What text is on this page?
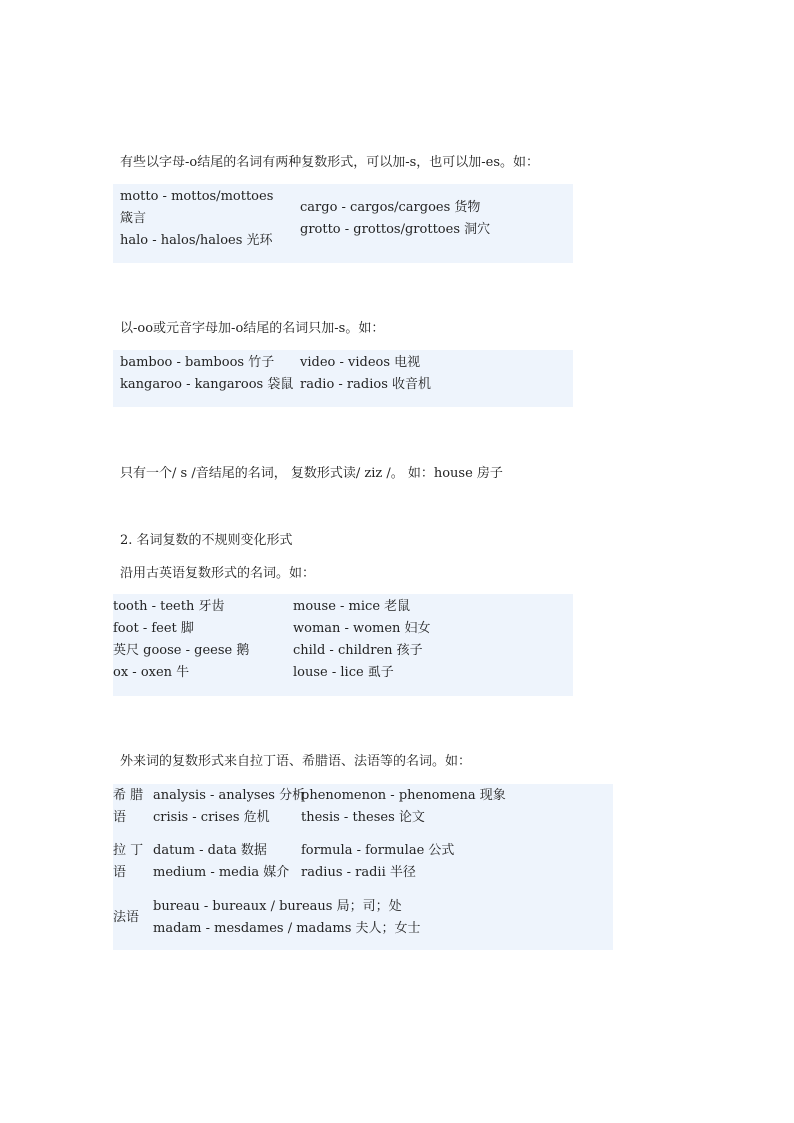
有些以字母-o结尾的名词有两种复数形式，可以加-s，也可以加-es。如：
motto - mottos/mottoes 箴言
halo - halos/haloes 光环
cargo - cargos/cargoes 货物
grotto - grottos/grottoes 洞穴
以-oo或元音字母加-o结尾的名词只加-s。如：
bamboo - bamboos 竹子
kangaroo - kangaroos 袋鼠
video - videos 电视
radio - radios 收音机
只有一个/ s /音结尾的名词， 复数形式读/ ziz /。 如：house 房子
2. 名词复数的不规则变化形式
沿用古英语复数形式的名词。如：
tooth - teeth 牙齿
foot - feet 脚
英尺 goose - geese 鹅
ox - oxen 牛
mouse - mice 老鼠
woman - women 妇女
child - children 孩子
louse - lice 虱子
外来词的复数形式来自拉丁语、希腊语、法语等的名词。如：
希 腊
语
analysis - analyses 分析
crisis - crises 危机
phenomenon - phenomena 现象
thesis - theses 论文
拉 丁
语
datum - data 数据
medium - media 媒介
formula - formulae 公式
radius - radii 半径
法语
bureau - bureaux / bureaus 局；司；处
madam - mesdames / madams 夫人；女士
